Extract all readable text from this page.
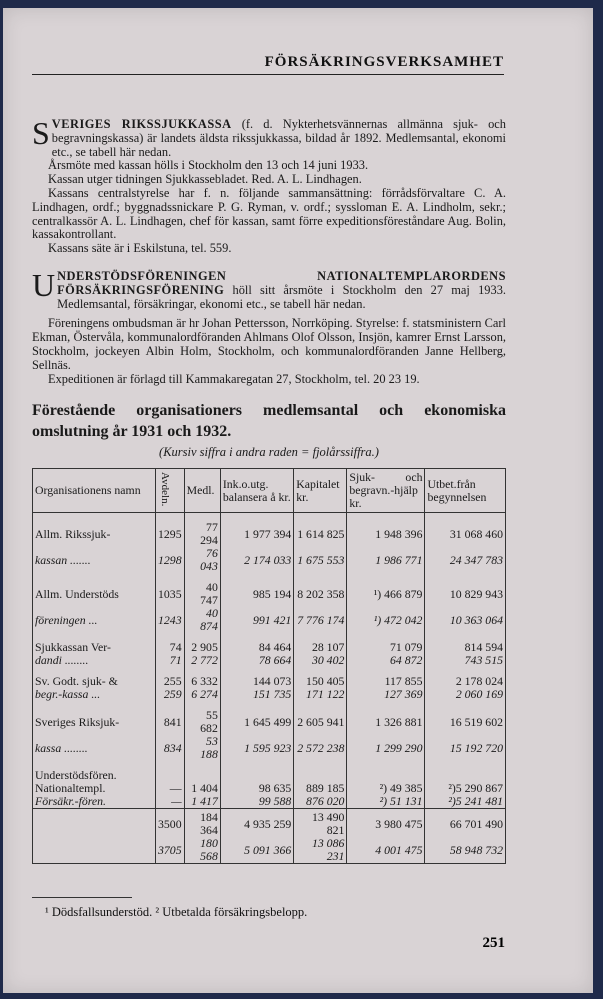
FÖRSÄKRINGSVERKSAMHET

SVERIGES RIKSSJUKKASSA (f. d. Nykterhetsvännernas allmänna sjuk- och begravningskassa) är landets äldsta rikssjukkassa, bildad år 1892. Medlemsantal, ekonomi etc., se tabell här nedan.

Årsmöte med kassan hölls i Stockholm den 13 och 14 juni 1933.

Kassan utger tidningen Sjukkassebladet. Red. A. L. Lindhagen.

Kassans centralstyrelse har f. n. följande sammansättning: förrådsförvaltare C. A. Lindhagen, ordf.; byggnadssnickare P. G. Ryman, v. ordf.; syssloman E. A. Lindholm, sekr.; centralkassör A. L. Lindhagen, chef för kassan, samt förre expeditionsföreståndare Aug. Bolin, kassakontrollant.

Kassans säte är i Eskilstuna, tel. 559.

UNDERSTÖDSFÖRENINGEN NATIONALTEMPLARORDENS FÖRSÄKRINGSFÖRENING höll sitt årsmöte i Stockholm den 27 maj 1933. Medlemsantal, försäkringar, ekonomi etc., se tabell här nedan.

Föreningens ombudsman är hr Johan Pettersson, Norrköping. Styrelse: f. statsministern Carl Ekman, Östervåla, kommunalordföranden Ahlmans Olof Olsson, Insjön, kamrer Ernst Larsson, Stockholm, jockeyen Albin Holm, Stockholm, och kommunalordföranden Janne Hellberg, Sellnäs.

Expeditionen är förlagd till Kammakaregatan 27, Stockholm, tel. 20 23 19.

Förestående organisationers medlemsantal och ekonomiska omslutning år 1931 och 1932.
(Kursiv siffra i andra raden = fjolårssiffra.)
Organisationens namn	Avdeln.	Medl.	Ink.o.utg. balansera å kr.	Kapitalet kr.	Sjuk- och begravn.-hjälp kr.	Utbet.från begynnelsen
Allm. Rikssjuk-	1295	77 294	1 977 394	1 614 825	1 948 396	31 068 460
kassan .......	1298	76 043	2 174 033	1 675 553	1 986 771	24 347 783
Allm. Understöds	1035	40 747	985 194	8 202 358	¹) 466 879	10 829 943
föreningen ...	1243	40 874	991 421	7 776 174	¹) 472 042	10 363 064
Sjukkassan Ver-	74	2 905	84 464	28 107	71 079	814 594
dandi ........	71	2 772	78 664	30 402	64 872	743 515
Sv. Godt. sjuk- &	255	6 332	144 073	150 405	117 855	2 178 024
begr.-kassa ...	259	6 274	151 735	171 122	127 369	2 060 169
Sveriges Riksjuk-	841	55 682	1 645 499	2 605 941	1 326 881	16 519 602
kassa ........	834	53 188	1 595 923	2 572 238	1 299 290	15 192 720
Understödsfören.						
Nationaltempl.	—	1 404	98 635	889 185	²) 49 385	²)5 290 867
Försäkr.-fören.	—	1 417	99 588	876 020	²) 51 131	²)5 241 481
	3500	184 364	4 935 259	13 490 821	3 980 475	66 701 490
	3705	180 568	5 091 366	13 086 231	4 001 475	58 948 732
¹ Dödsfallsunderstöd. ² Utbetalda försäkringsbelopp.
251
